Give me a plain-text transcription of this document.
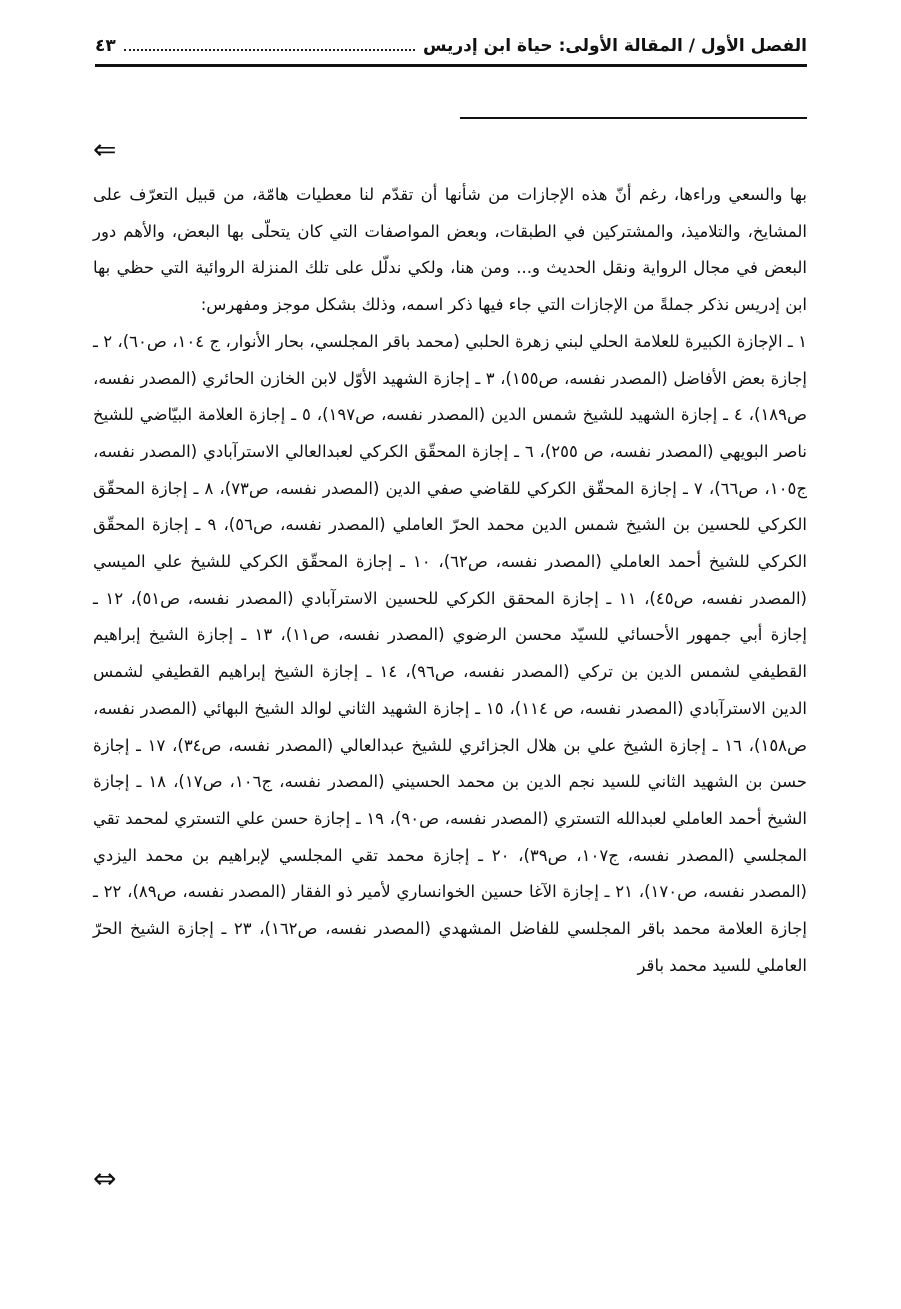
الفصل الأول / المقالة الأولى: حياة ابن إدريس
٤٣
⇐

بها والسعي وراءها، رغم أنّ هذه الإجازات من شأنها أن تقدّم لنا معطيات هامّة، من قبيل التعرّف على المشايخ، والتلاميذ، والمشتركين في الطبقات، وبعض المواصفات التي كان يتحلّى بها البعض، والأهم دور البعض في مجال الرواية ونقل الحديث و... ومن هنا، ولكي ندلّل على تلك المنزلة الروائية التي حظي بها ابن إدريس نذكر جملةً من الإجازات التي جاء فيها ذكر اسمه، وذلك بشكل موجز ومفهرس:

١ ـ الإجازة الكبيرة للعلامة الحلي لبني زهرة الحلبي (محمد باقر المجلسي، بحار الأنوار، ج ١٠٤، ص٦٠)، ٢ ـ إجازة بعض الأفاضل (المصدر نفسه، ص١٥٥)، ٣ ـ إجازة الشهيد الأوّل لابن الخازن الحائري (المصدر نفسه، ص١٨٩)، ٤ ـ إجازة الشهيد للشيخ شمس الدين (المصدر نفسه، ص١٩٧)، ٥ ـ إجازة العلامة البيّاضي للشيخ ناصر البويهي (المصدر نفسه، ص ٢٥٥)، ٦ ـ إجازة المحقّق الكركي لعبدالعالي الاسترآبادي (المصدر نفسه، ج١٠٥، ص٦٦)، ٧ ـ إجازة المحقّق الكركي للقاضي صفي الدين (المصدر نفسه، ص٧٣)، ٨ ـ إجازة المحقّق الكركي للحسين بن الشيخ شمس الدين محمد الحرّ العاملي (المصدر نفسه، ص٥٦)، ٩ ـ إجازة المحقّق الكركي للشيخ أحمد العاملي (المصدر نفسه، ص٦٢)، ١٠ ـ إجازة المحقّق الكركي للشيخ علي الميسي (المصدر نفسه، ص٤٥)، ١١ ـ إجازة المحقق الكركي للحسين الاسترآبادي (المصدر نفسه، ص٥١)، ١٢ ـ إجازة أبي جمهور الأحسائي للسيّد محسن الرضوي (المصدر نفسه، ص١١)، ١٣ ـ إجازة الشيخ إبراهيم القطيفي لشمس الدين بن تركي (المصدر نفسه، ص٩٦)، ١٤ ـ إجازة الشيخ إبراهيم القطيفي لشمس الدين الاسترآبادي (المصدر نفسه، ص ١١٤)، ١٥ ـ إجازة الشهيد الثاني لوالد الشيخ البهائي (المصدر نفسه، ص١٥٨)، ١٦ ـ إجازة الشيخ علي بن هلال الجزائري للشيخ عبدالعالي (المصدر نفسه، ص٣٤)، ١٧ ـ إجازة حسن بن الشهيد الثاني للسيد نجم الدين بن محمد الحسيني (المصدر نفسه، ج١٠٦، ص١٧)، ١٨ ـ إجازة الشيخ أحمد العاملي لعبدالله التستري (المصدر نفسه، ص٩٠)، ١٩ ـ إجازة حسن علي التستري لمحمد تقي المجلسي (المصدر نفسه، ج١٠٧، ص٣٩)، ٢٠ ـ إجازة محمد تقي المجلسي لإبراهيم بن محمد اليزدي (المصدر نفسه، ص١٧٠)، ٢١ ـ إجازة الآغا حسين الخوانساري لأمير ذو الفقار (المصدر نفسه، ص٨٩)، ٢٢ ـ إجازة العلامة محمد باقر المجلسي للفاضل المشهدي (المصدر نفسه، ص١٦٢)، ٢٣ ـ إجازة الشيخ الحرّ العاملي للسيد محمد باقر

⇔
